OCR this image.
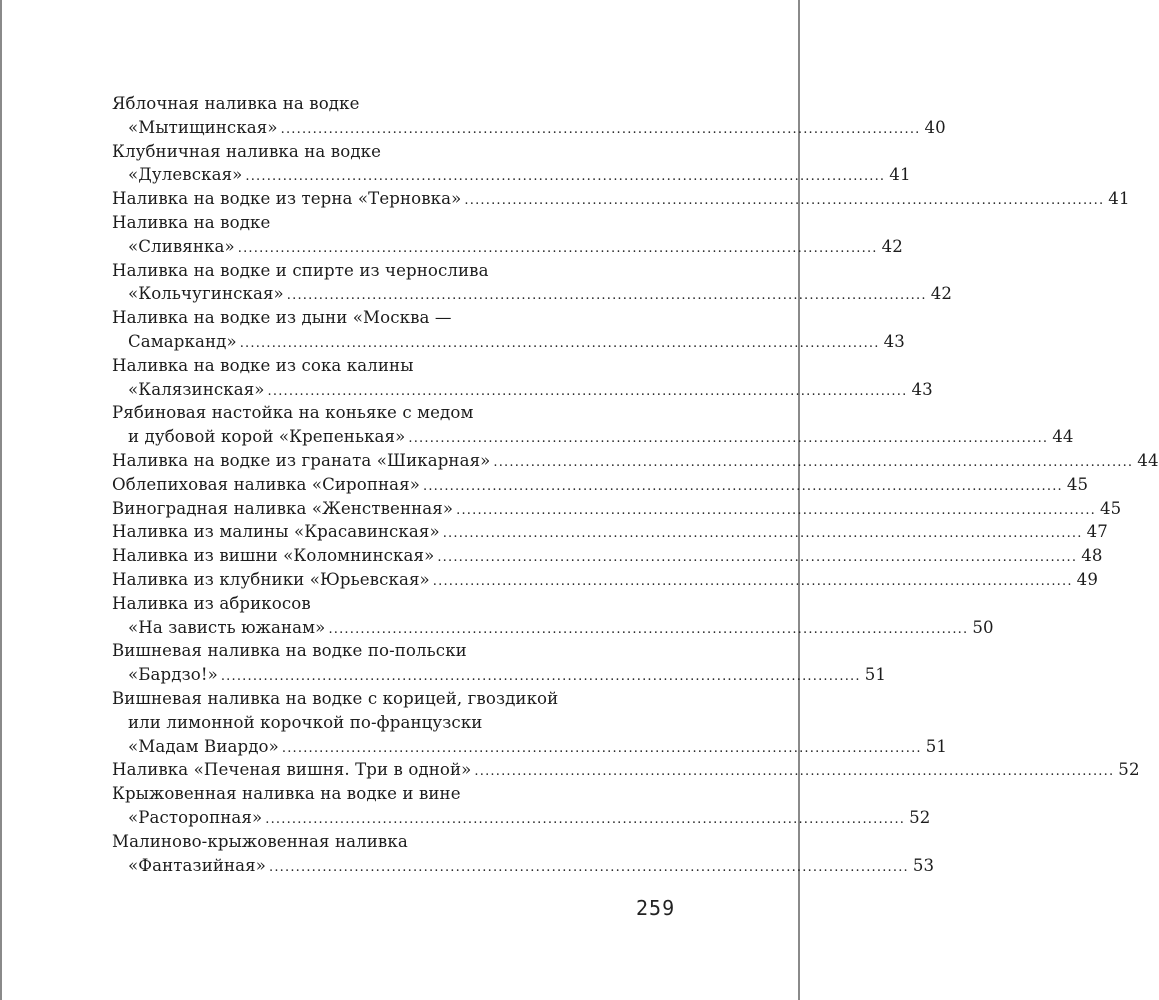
Яблочная наливка на водке
«Мытищинская» ........................................................................................................................ 40
Клубничная наливка на водке
«Дулевская» ........................................................................................................................ 41
Наливка на водке из терна «Терновка» ........................................................................................................................ 41
Наливка на водке
«Сливянка» ........................................................................................................................ 42
Наливка на водке и спирте из чернослива
«Кольчугинская» ........................................................................................................................ 42
Наливка на водке из дыни «Москва —
Самарканд» ........................................................................................................................ 43
Наливка на водке из сока калины
«Калязинская» ........................................................................................................................ 43
Рябиновая настойка на коньяке с медом
и дубовой корой «Крепенькая» ........................................................................................................................ 44
Наливка на водке из граната «Шикарная» ........................................................................................................................ 44
Облепиховая наливка «Сиропная» ........................................................................................................................ 45
Виноградная наливка «Женственная» ........................................................................................................................ 45
Наливка из малины «Красавинская» ........................................................................................................................ 47
Наливка из вишни «Коломнинская» ........................................................................................................................ 48
Наливка из клубники «Юрьевская» ........................................................................................................................ 49
Наливка из абрикосов
«На зависть южанам» ........................................................................................................................ 50
Вишневая наливка на водке по-польски
«Бардзо!» ........................................................................................................................ 51
Вишневая наливка на водке с корицей, гвоздикой
или лимонной корочкой по-французски
«Мадам Виардо» ........................................................................................................................ 51
Наливка «Печеная вишня. Три в одной» ........................................................................................................................ 52
Крыжовенная наливка на водке и вине
«Расторопная» ........................................................................................................................ 52
Малиново-крыжовенная наливка
«Фантазийная» ........................................................................................................................ 53
259
